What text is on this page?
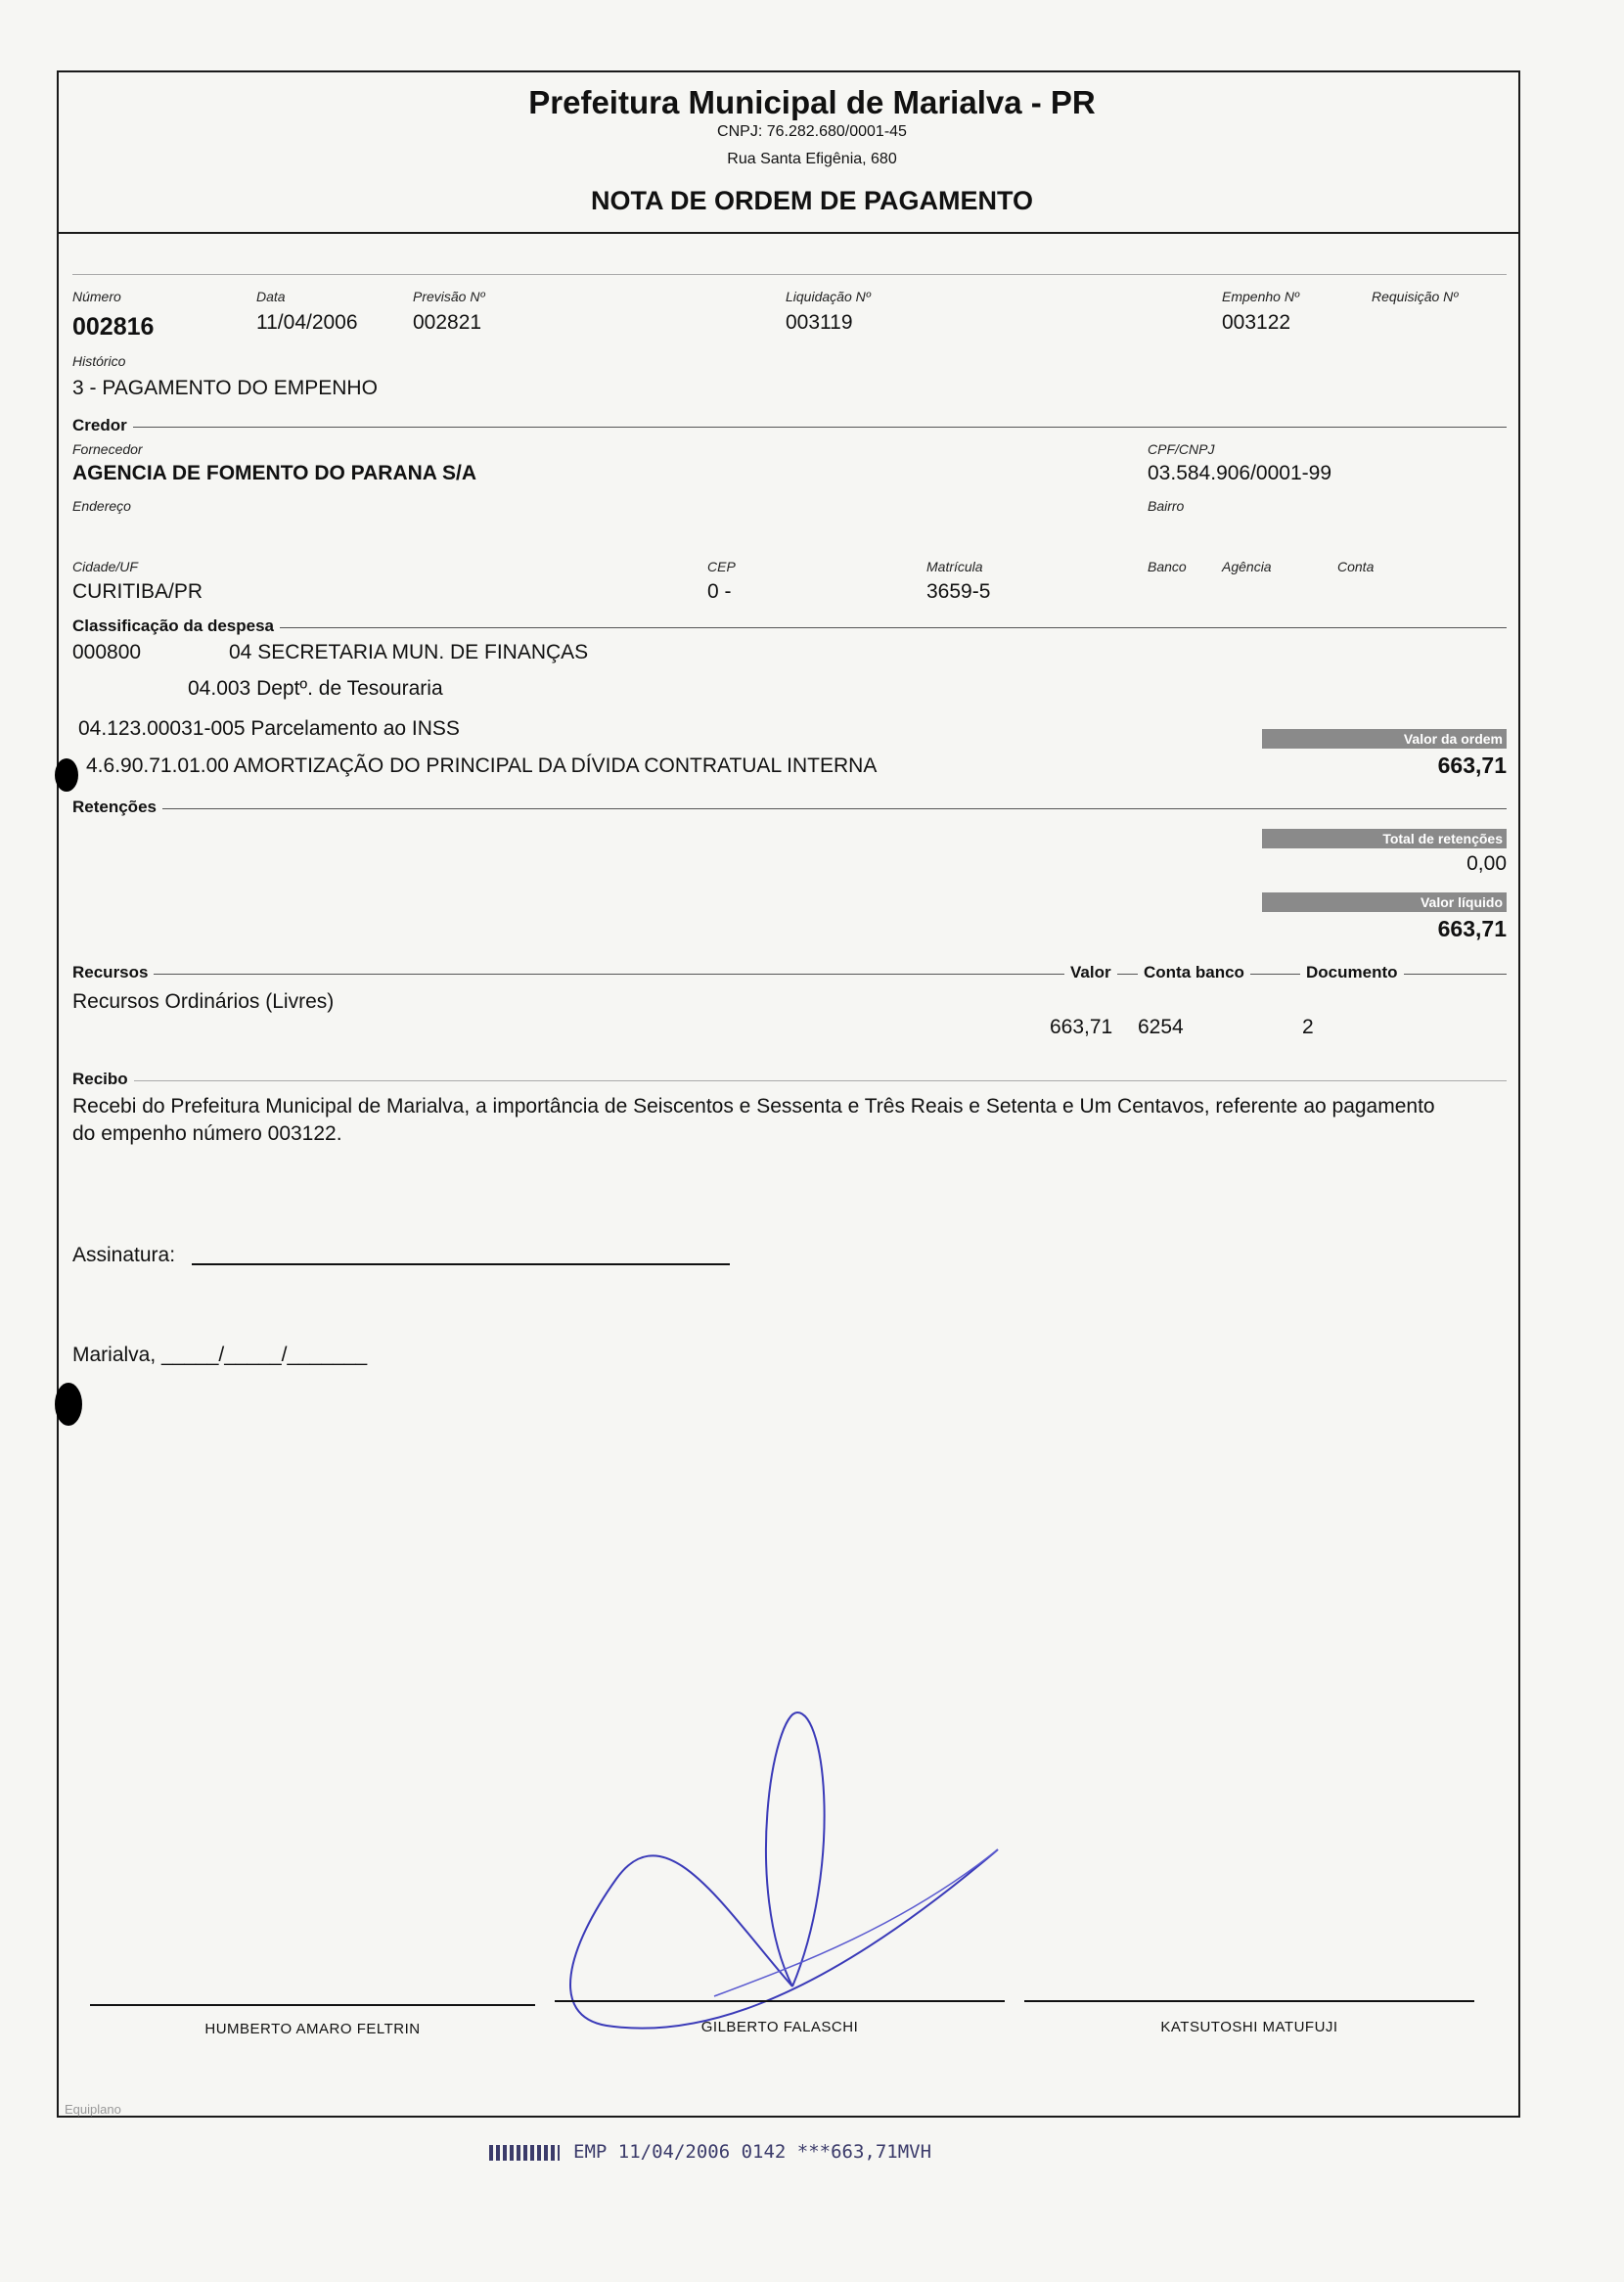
Prefeitura Municipal de Marialva - PR
CNPJ: 76.282.680/0001-45
Rua Santa Efigênia, 680
NOTA DE ORDEM DE PAGAMENTO
Número
002816
Data
11/04/2006
Previsão Nº
002821
Liquidação Nº
003119
Empenho Nº
003122
Requisição Nº
Histórico
3 - PAGAMENTO DO EMPENHO
Credor
Fornecedor
AGENCIA DE FOMENTO DO PARANA S/A
CPF/CNPJ
03.584.906/0001-99
Endereço	Bairro
Cidade/UF
CURITIBA/PR
CEP
0 -
Matrícula
3659-5
Banco	Agência	Conta
Classificação da despesa
000800	04 SECRETARIA MUN. DE FINANÇAS
04.003 Deptº. de Tesouraria
04.123.00031-005 Parcelamento ao INSS
4.6.90.71.01.00 AMORTIZAÇÃO DO PRINCIPAL DA DÍVIDA CONTRATUAL INTERNA
Valor da ordem
663,71
Retenções
Total de retenções
0,00
Valor líquido
663,71
Recursos	Valor	Conta banco	Documento
Recursos Ordinários (Livres)
663,71 6254	2
Recibo
Recebi do Prefeitura Municipal de Marialva, a importância de Seiscentos e Sessenta e Três Reais e Setenta e Um Centavos, referente ao pagamento do empenho número 003122.
Assinatura:
Marialva, _____/_____/_______
HUMBERTO AMARO FELTRIN	GILBERTO FALASCHI	KATSUTOSHI MATUFUJI
Equiplano
EMP 11/04/2006 0142 ***663,71MVH
